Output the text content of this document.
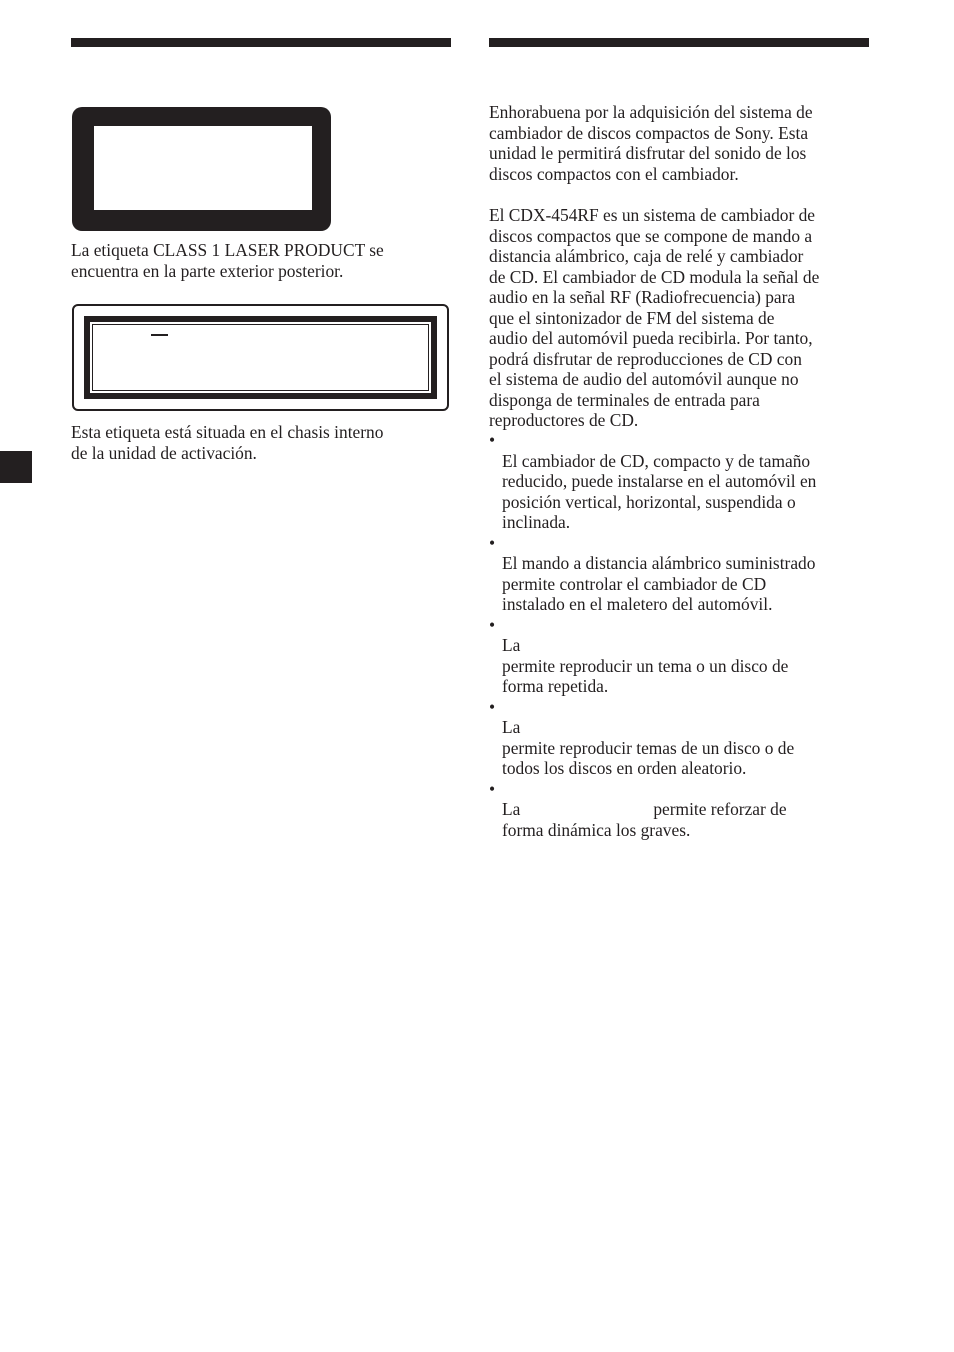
La etiqueta CLASS 1 LASER PRODUCT se
encuentra en la parte exterior posterior.

Esta etiqueta está situada en el chasis interno
de la unidad de activación.

Enhorabuena por la adquisición del sistema de
cambiador de discos compactos de Sony. Esta
unidad le permitirá disfrutar del sonido de los
discos compactos con el cambiador.

El CDX-454RF es un sistema de cambiador de
discos compactos que se compone de mando a
distancia alámbrico, caja de relé y cambiador
de CD. El cambiador de CD modula la señal de
audio en la señal RF (Radiofrecuencia) para
que el sintonizador de FM del sistema de
audio del automóvil pueda recibirla. Por tanto,
podrá disfrutar de reproducciones de CD con
el sistema de audio del automóvil aunque no
disponga de terminales de entrada para
reproductores de CD.

•
El cambiador de CD, compacto y de tamaño
reducido, puede instalarse en el automóvil en
posición vertical, horizontal, suspendida o
inclinada.

•
El mando a distancia alámbrico suministrado
permite controlar el cambiador de CD
instalado en el maletero del automóvil.

•
La
permite reproducir un tema o un disco de
forma repetida.

•
La
permite reproducir temas de un disco o de
todos los discos en orden aleatorio.

•
La	permite reforzar de
forma dinámica los graves.
